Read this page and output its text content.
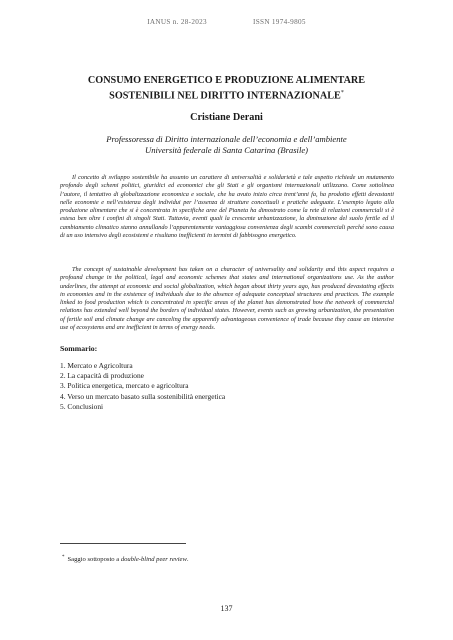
IANUS n. 28-2023	ISSN 1974-9805
CONSUMO ENERGETICO E PRODUZIONE ALIMENTARE
SOSTENIBILI NEL DIRITTO INTERNAZIONALE*
Cristiane Derani
Professoressa di Diritto internazionale dell’economia e dell’ambiente
Università federale di Santa Catarina (Brasile)

Il concetto di sviluppo sostenibile ha assunto un carattere di universalità e solidarietà e tale aspetto richiede un mutamento profondo degli schemi politici, giuridici ed economici che gli Stati e gli organismi internazionali utilizzano. Come sottolinea l’autore, il tentativo di globalizzazione economica e sociale, che ha avuto inizio circa trent’anni fa, ha prodotto effetti devastanti nelle economie e nell’esistenza degli individui per l’assenza di strutture concettuali e pratiche adeguate. L’esempio legato alla produzione alimentare che si è concentrata in specifiche aree del Pianeta ha dimostrato come la rete di relazioni commerciali si è estesa ben oltre i confini di singoli Stati. Tuttavia, eventi quali la crescente urbanizzazione, la diminuzione del suolo fertile ed il cambiamento climatico stanno annullando l’apparentemente vantaggiosa convenienza degli scambi commerciali perché sono causa di un uso intensivo degli ecosistemi e risultano inefficienti in termini di fabbisogno energetico.

The concept of sustainable development has taken on a character of universality and solidarity and this aspect requires a profound change in the political, legal and economic schemes that states and international organizations use. As the author underlines, the attempt at economic and social globalization, which began about thirty years ago, has produced devastating effects in economies and in the existence of individuals due to the absence of adequate conceptual structures and practices. The example linked to food production which is concentrated in specific areas of the planet has demonstrated how the network of commercial relations has extended well beyond the borders of individual states. However, events such as growing urbanization, the presentation of fertile soil and climate change are canceling the apparently advantageous convenience of trade because they cause an intensive use of ecosystems and are inefficient in terms of energy needs.

Sommario:
1. Mercato e Agricoltura
2. La capacità di produzione
3. Politica energetica, mercato e agricoltura
4. Verso un mercato basato sulla sostenibilità energetica
5. Conclusioni
* Saggio sottoposto a double-blind peer review.
137
